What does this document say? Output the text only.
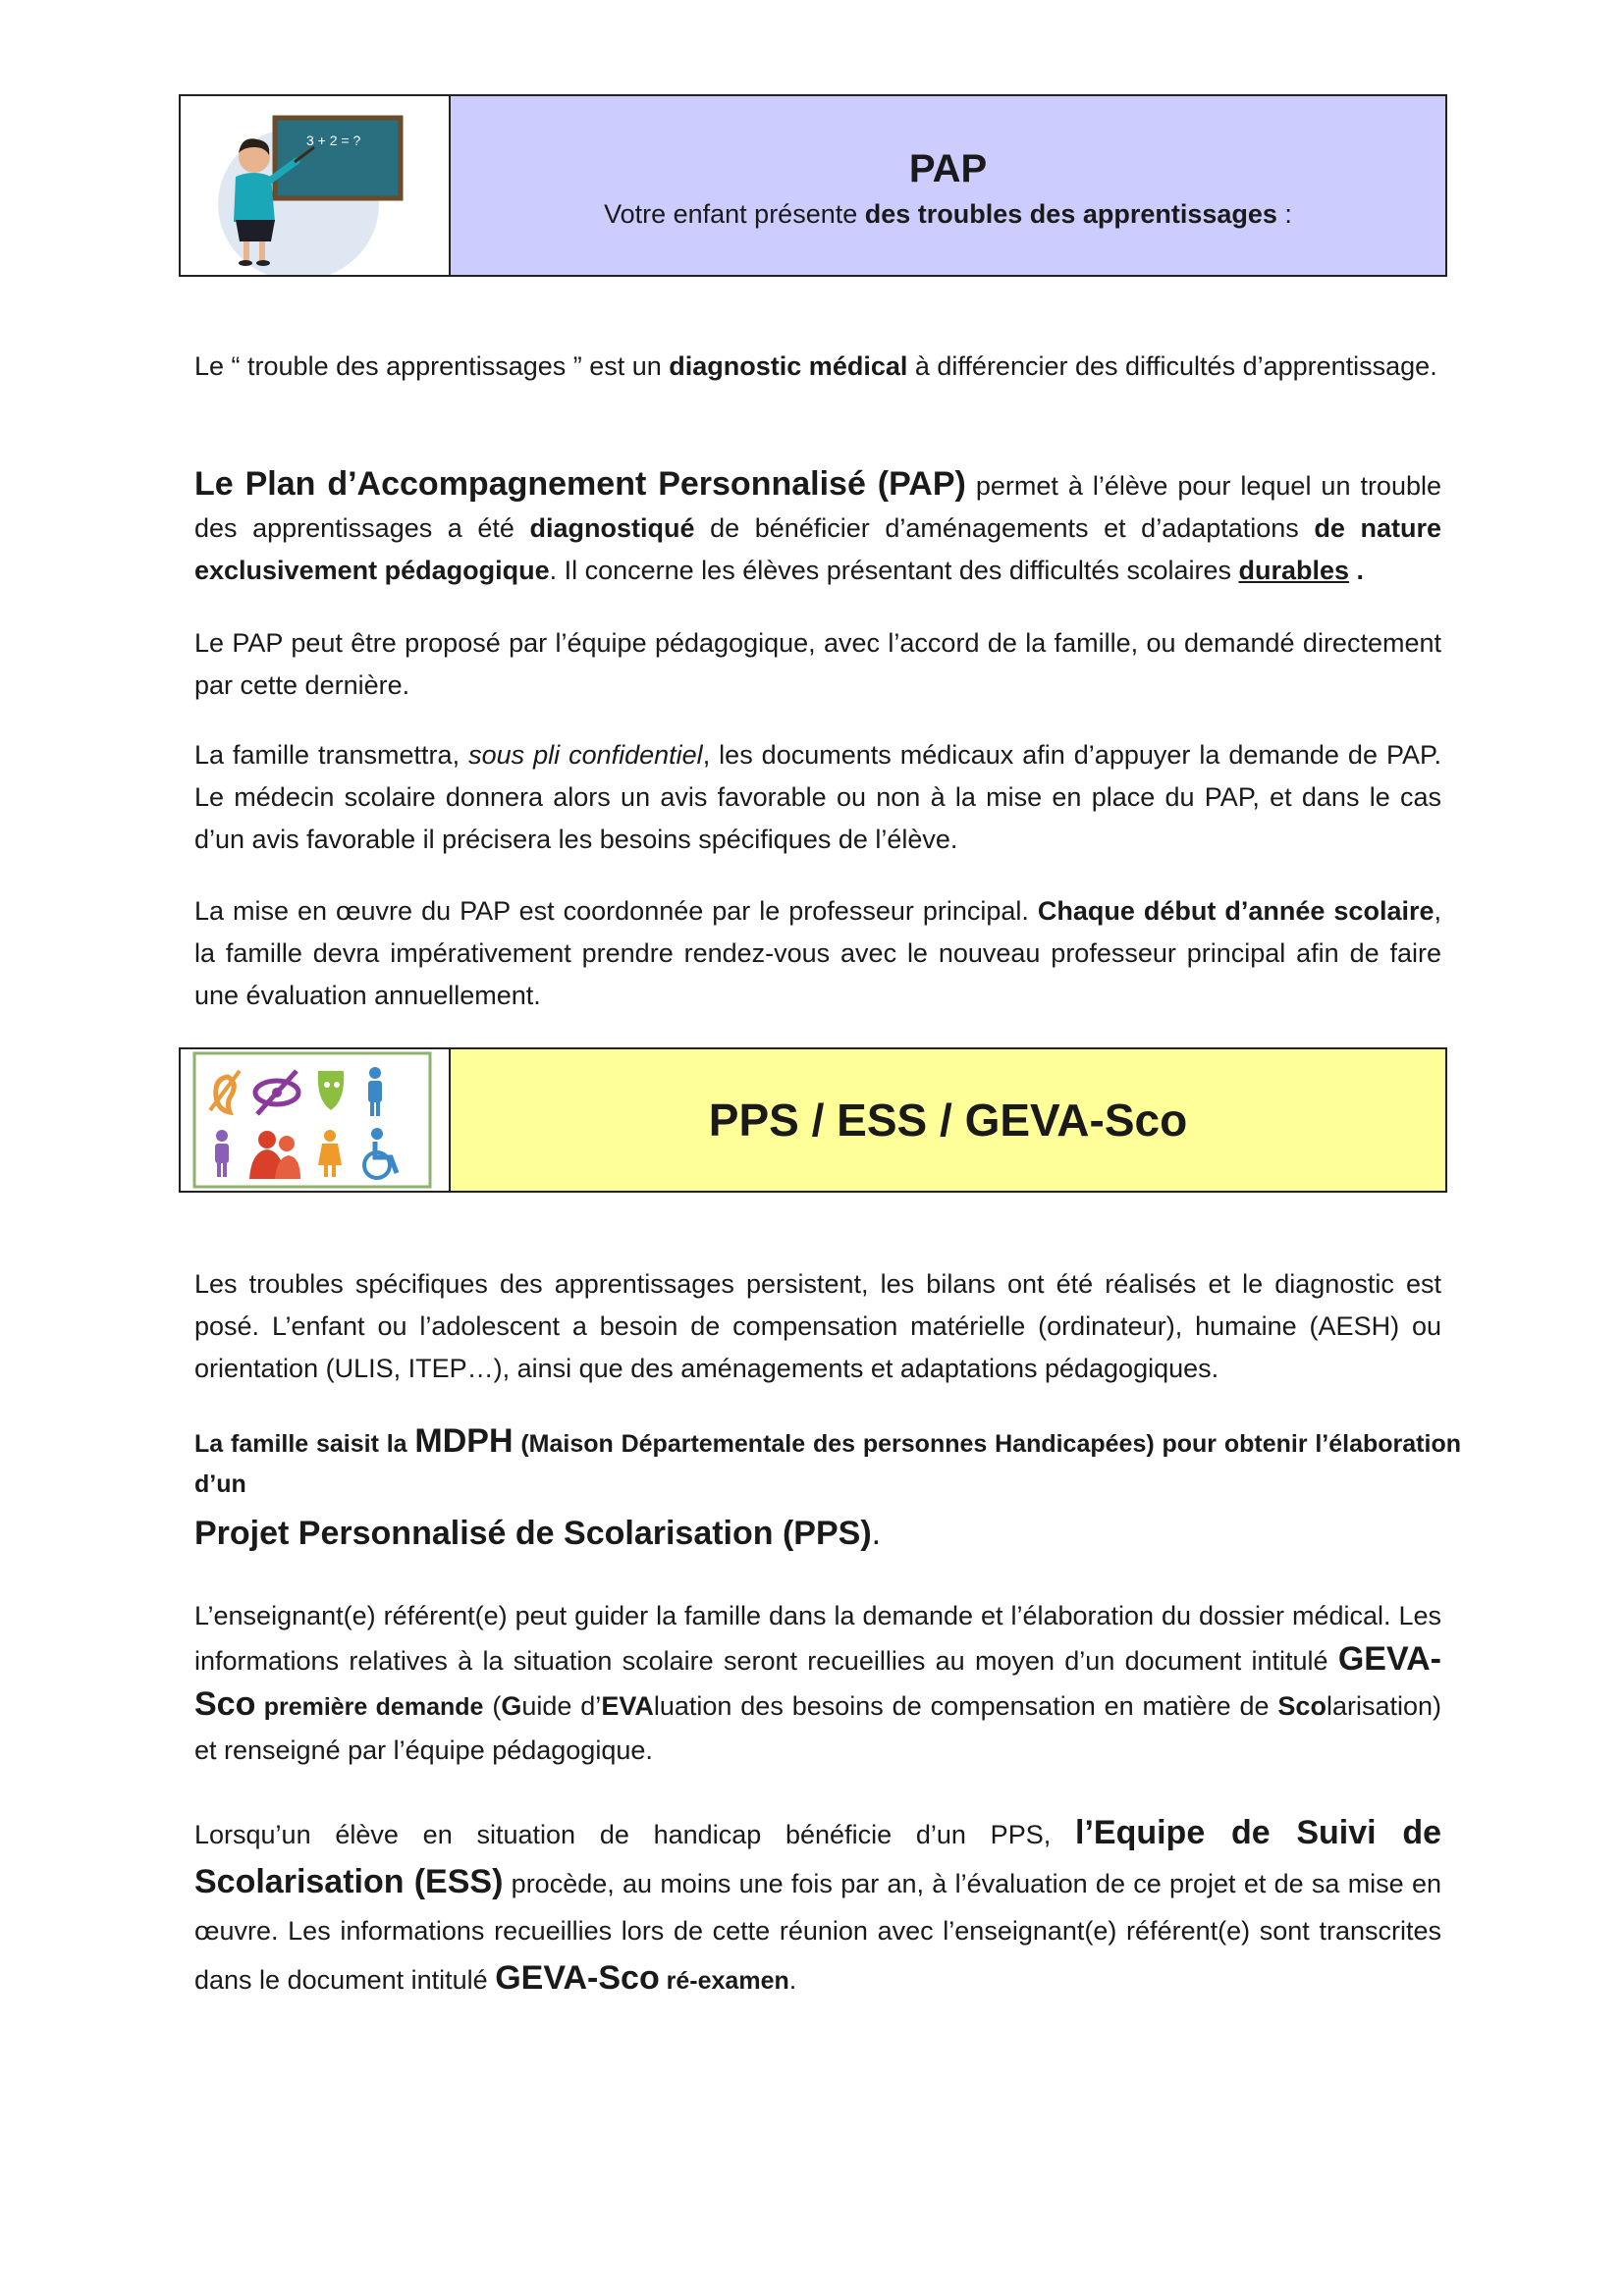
3 + 2 = ?
PAP
Votre enfant présente des troubles des apprentissages :
Le “ trouble des apprentissages ” est un diagnostic médical à différencier des difficultés d’apprentissage.
Le Plan d’Accompagnement Personnalisé (PAP) permet à l’élève pour lequel un trouble des apprentissages a été diagnostiqué de bénéficier d’aménagements et d’adaptations de nature exclusivement pédagogique. Il concerne les élèves présentant des difficultés scolaires durables .
Le PAP peut être proposé par l’équipe pédagogique, avec l’accord de la famille, ou demandé directement par cette dernière.
La famille transmettra, sous pli confidentiel, les documents médicaux afin d’appuyer la demande de PAP. Le médecin scolaire donnera alors un avis favorable ou non à la mise en place du PAP, et dans le cas d’un avis favorable il précisera les besoins spécifiques de l’élève.
La mise en œuvre du PAP est coordonnée par le professeur principal. Chaque début d’année scolaire, la famille devra impérativement prendre rendez-vous avec le nouveau professeur principal afin de faire une évaluation annuellement.
PPS / ESS / GEVA-Sco
Les troubles spécifiques des apprentissages persistent, les bilans ont été réalisés et le diagnostic est posé. L’enfant ou l’adolescent a besoin de compensation matérielle (ordinateur), humaine (AESH) ou orientation (ULIS, ITEP…), ainsi que des aménagements et adaptations pédagogiques.
La famille saisit la MDPH (Maison Départementale des personnes Handicapées) pour obtenir l’élaboration d’un
Projet Personnalisé de Scolarisation (PPS).
L’enseignant(e) référent(e) peut guider la famille dans la demande et l’élaboration du dossier médical. Les informations relatives à la situation scolaire seront recueillies au moyen d’un document intitulé GEVA-Sco première demande (Guide d’EVAluation des besoins de compensation en matière de Scolarisation) et renseigné par l’équipe pédagogique.
Lorsqu’un élève en situation de handicap bénéficie d’un PPS, l’Equipe de Suivi de Scolarisation (ESS) procède, au moins une fois par an, à l’évaluation de ce projet et de sa mise en œuvre. Les informations recueillies lors de cette réunion avec l’enseignant(e) référent(e) sont transcrites dans le document intitulé GEVA-Sco ré-examen.
